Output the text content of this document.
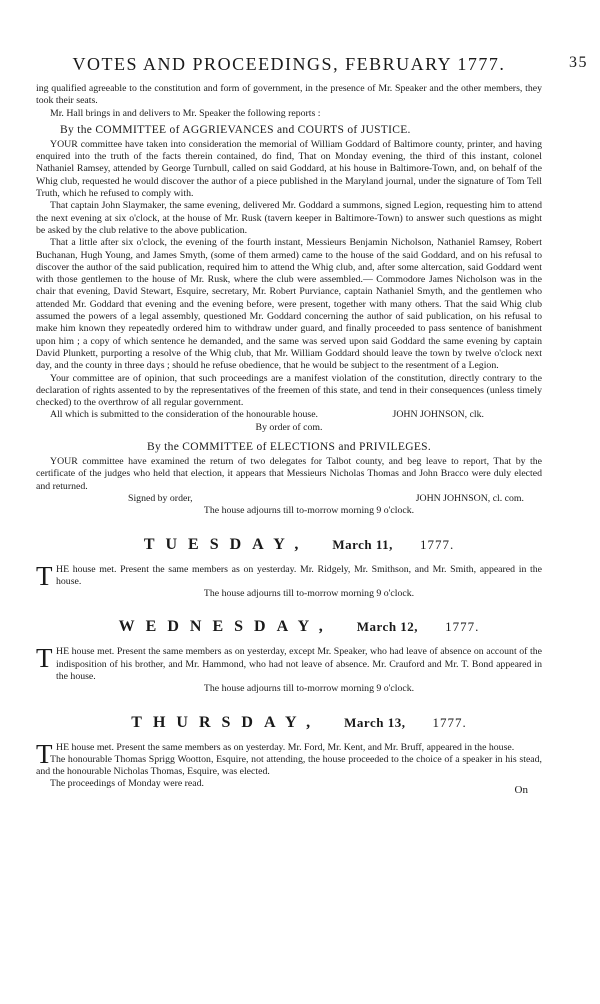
VOTES AND PROCEEDINGS, FEBRUARY 1777.	35

ing qualified agreeable to the constitution and form of government, in the presence of Mr. Speaker and the other members, they took their seats.

Mr. Hall brings in and delivers to Mr. Speaker the following reports :

By the COMMITTEE of AGGRIEVANCES and COURTS of JUSTICE.

YOUR committee have taken into consideration the memorial of William Goddard of Baltimore county, printer, and having enquired into the truth of the facts therein contained, do find, That on Monday evening, the third of this instant, colonel Nathaniel Ramsey, attended by George Turnbull, called on said Goddard, at his house in Baltimore-Town, and, on behalf of the Whig club, requested he would discover the author of a piece published in the Maryland journal, under the signature of Tom Tell Truth, which he refused to comply with.

That captain John Slaymaker, the same evening, delivered Mr. Goddard a summons, signed Legion, requesting him to attend the next evening at six o'clock, at the house of Mr. Rusk (tavern keeper in Baltimore-Town) to answer such questions as might be asked by the club relative to the above publication.

That a little after six o'clock, the evening of the fourth instant, Messieurs Benjamin Nicholson, Nathaniel Ramsey, Robert Buchanan, Hugh Young, and James Smyth, (some of them armed) came to the house of the said Goddard, and on his refusal to discover the author of the said publication, required him to attend the Whig club, and, after some altercation, said Goddard went with those gentlemen to the house of Mr. Rusk, where the club were assembled.— Commodore James Nicholson was in the chair that evening, David Stewart, Esquire, secretary, Mr. Robert Purviance, captain Nathaniel Smyth, and the gentlemen who attended Mr. Goddard that evening and the evening before, were present, together with many others. That the said Whig club assumed the powers of a legal assembly, questioned Mr. Goddard concerning the author of said publication, on his refusal to make him known they repeatedly ordered him to withdraw under guard, and finally proceeded to pass sentence of banishment upon him ; a copy of which sentence he demanded, and the same was served upon said Goddard the same evening by captain David Plunkett, purporting a resolve of the Whig club, that Mr. William Goddard should leave the town by twelve o'clock next day, and the county in three days ; should he refuse obedience, that he would be subject to the resentment of a Legion.

Your committee are of opinion, that such proceedings are a manifest violation of the constitution, directly contrary to the declaration of rights assented to by the representatives of the freemen of this state, and tend in their consequences (unless timely checked) to the overthrow of all regular government.

All which is submitted to the consideration of the honourable house.	JOHN JOHNSON, clk.

By order of com.

By the COMMITTEE of ELECTIONS and PRIVILEGES.

YOUR committee have examined the return of two delegates for Talbot county, and beg leave to report, That by the certificate of the judges who held that election, it appears that Messieurs Nicholas Thomas and John Bracco were duly elected and returned.

Signed by order,	JOHN JOHNSON, cl. com.

The house adjourns till to-morrow morning 9 o'clock.

TUESDAY, March 11, 1777.
T HE house met. Present the same members as on yesterday. Mr. Ridgely, Mr. Smithson, and Mr. Smith, appeared in the house.

The house adjourns till to-morrow morning 9 o'clock.

WEDNESDAY, March 12, 1777.
T HE house met. Present the same members as on yesterday, except Mr. Speaker, who had leave of absence on account of the indisposition of his brother, and Mr. Hammond, who had not leave of absence. Mr. Crauford and Mr. T. Bond appeared in the house.

The house adjourns till to-morrow morning 9 o'clock.

THURSDAY, March 13, 1777.
T HE house met. Present the same members as on yesterday. Mr. Ford, Mr. Kent, and Mr. Bruff, appeared in the house.

The honourable Thomas Sprigg Wootton, Esquire, not attending, the house proceeded to the choice of a speaker in his stead, and the honourable Nicholas Thomas, Esquire, was elected.

The proceedings of Monday were read.

On
